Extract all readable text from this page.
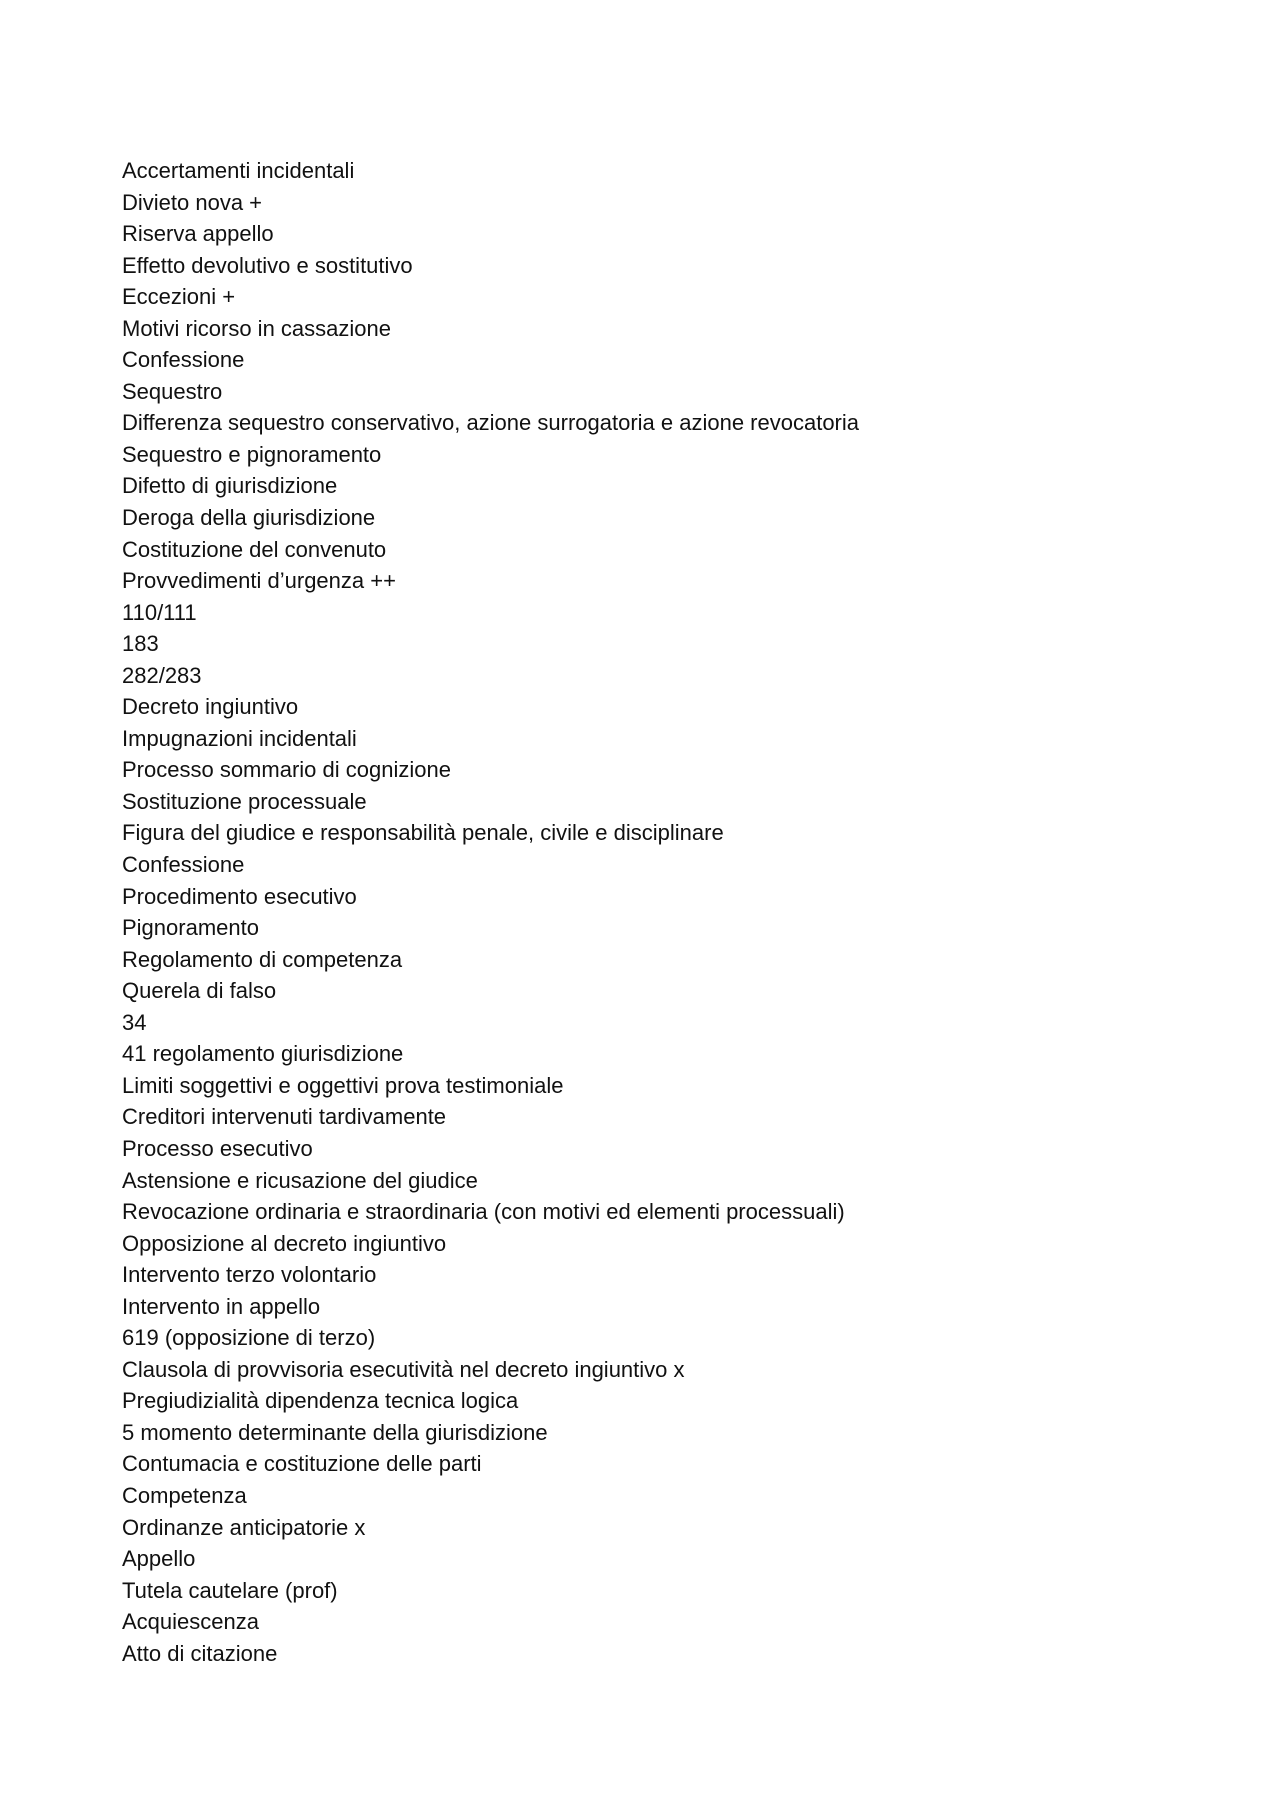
Accertamenti incidentali
Divieto nova +
Riserva appello
Effetto devolutivo e sostitutivo
Eccezioni +
Motivi ricorso in cassazione
Confessione
Sequestro
Differenza sequestro conservativo, azione surrogatoria e azione revocatoria
Sequestro e pignoramento
Difetto di giurisdizione
Deroga della giurisdizione
Costituzione del convenuto
Provvedimenti d’urgenza ++
110/111
183
282/283
Decreto ingiuntivo
Impugnazioni incidentali
Processo sommario di cognizione
Sostituzione processuale
Figura del giudice e responsabilità penale, civile e disciplinare
Confessione
Procedimento esecutivo
Pignoramento
Regolamento di competenza
Querela di falso
34
41 regolamento giurisdizione
Limiti soggettivi e oggettivi prova testimoniale
Creditori intervenuti tardivamente
Processo esecutivo
Astensione e ricusazione del giudice
Revocazione ordinaria e straordinaria (con motivi ed elementi processuali)
Opposizione al decreto ingiuntivo
Intervento terzo volontario
Intervento in appello
619 (opposizione di terzo)
Clausola di provvisoria esecutività nel decreto ingiuntivo x
Pregiudizialità dipendenza tecnica logica
5 momento determinante della giurisdizione
Contumacia e costituzione delle parti
Competenza
Ordinanze anticipatorie x
Appello
Tutela cautelare (prof)
Acquiescenza
Atto di citazione
